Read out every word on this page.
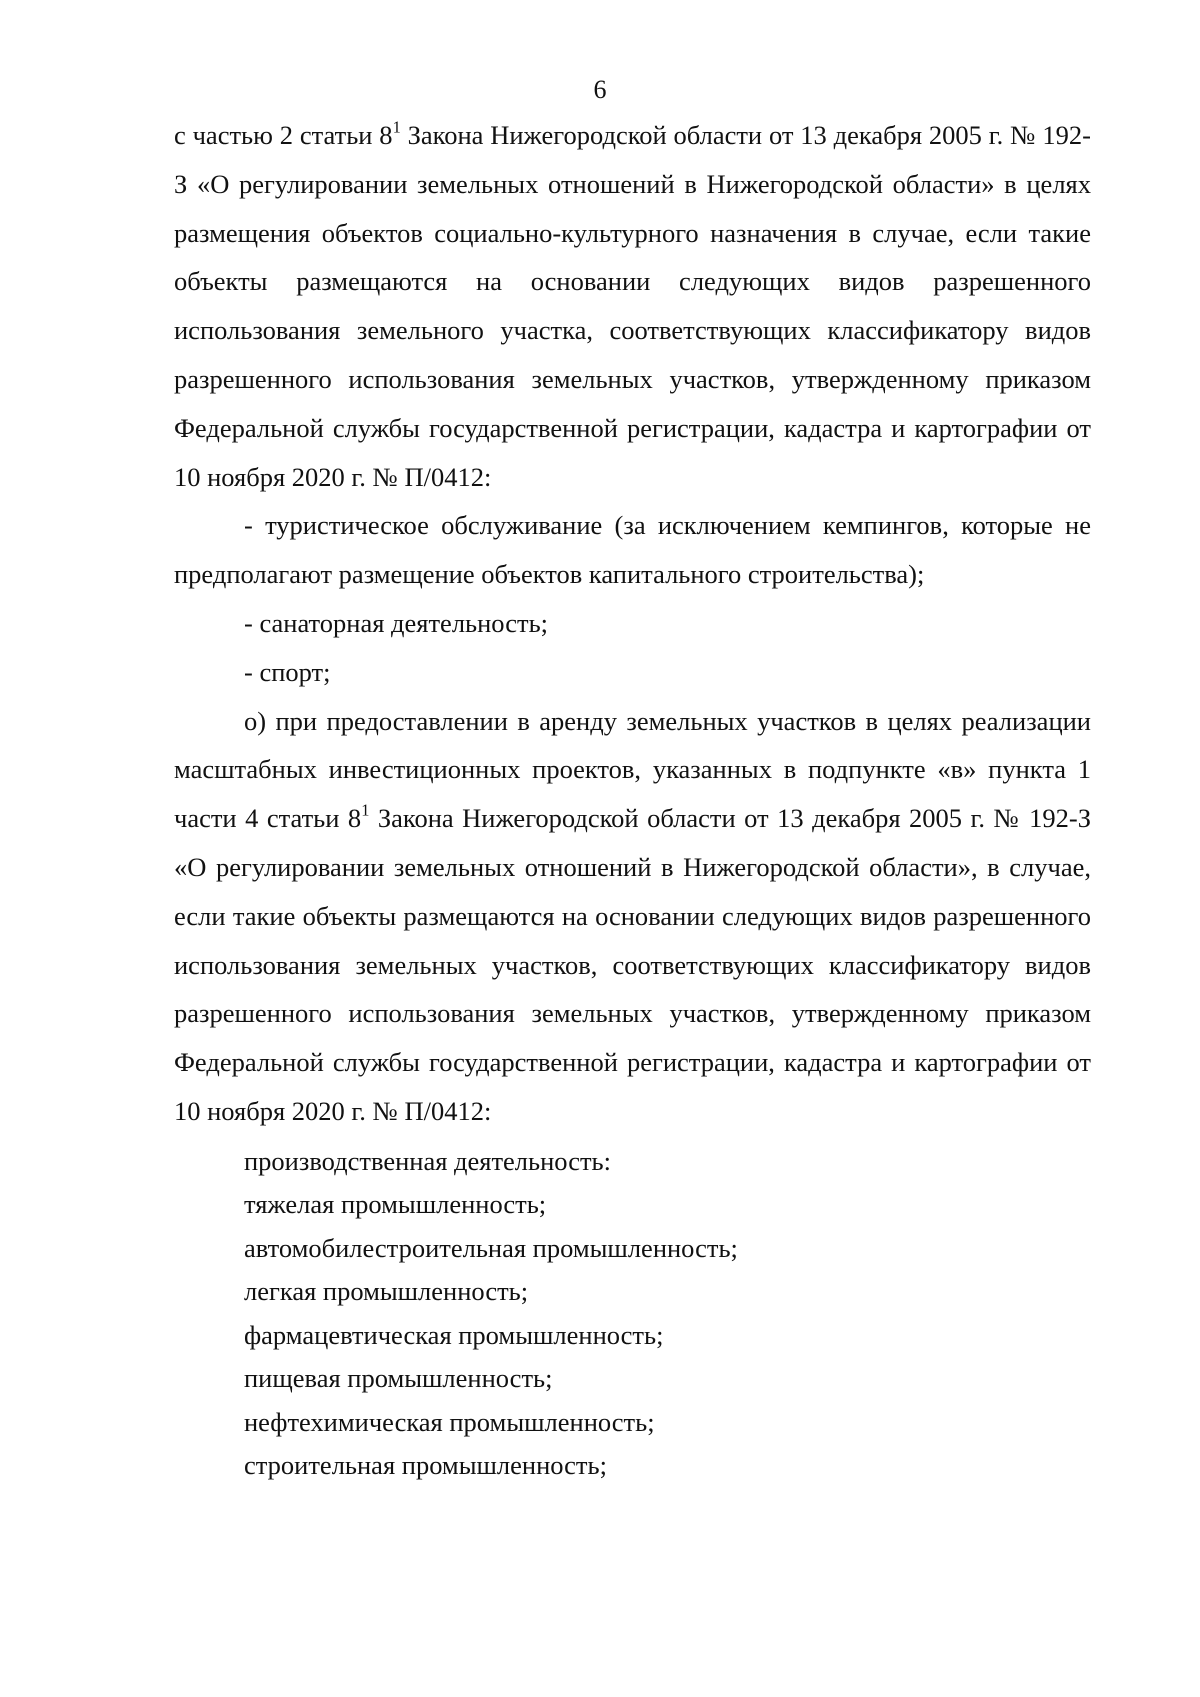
6

с частью 2 статьи $8^1$ Закона Нижегородской области от 13 декабря 2005 г. № 192-З «О регулировании земельных отношений в Нижегородской области» в целях размещения объектов социально-культурного назначения в случае, если такие объекты размещаются на основании следующих видов разрешенного использования земельного участка, соответствующих классификатору видов разрешенного использования земельных участков, утвержденному приказом Федеральной службы государственной регистрации, кадастра и картографии от 10 ноября 2020 г. № П/0412:

- туристическое обслуживание (за исключением кемпингов, которые не предполагают размещение объектов капитального строительства);

- санаторная деятельность;

- спорт;

о) при предоставлении в аренду земельных участков в целях реализации масштабных инвестиционных проектов, указанных в подпункте «в» пункта 1 части 4 статьи $8^1$ Закона Нижегородской области от 13 декабря 2005 г. № 192-З «О регулировании земельных отношений в Нижегородской области», в случае, если такие объекты размещаются на основании следующих видов разрешенного использования земельных участков, соответствующих классификатору видов разрешенного использования земельных участков, утвержденному приказом Федеральной службы государственной регистрации, кадастра и картографии от 10 ноября 2020 г. № П/0412:

производственная деятельность:

тяжелая промышленность;

автомобилестроительная промышленность;

легкая промышленность;

фармацевтическая промышленность;

пищевая промышленность;

нефтехимическая промышленность;

строительная промышленность;
